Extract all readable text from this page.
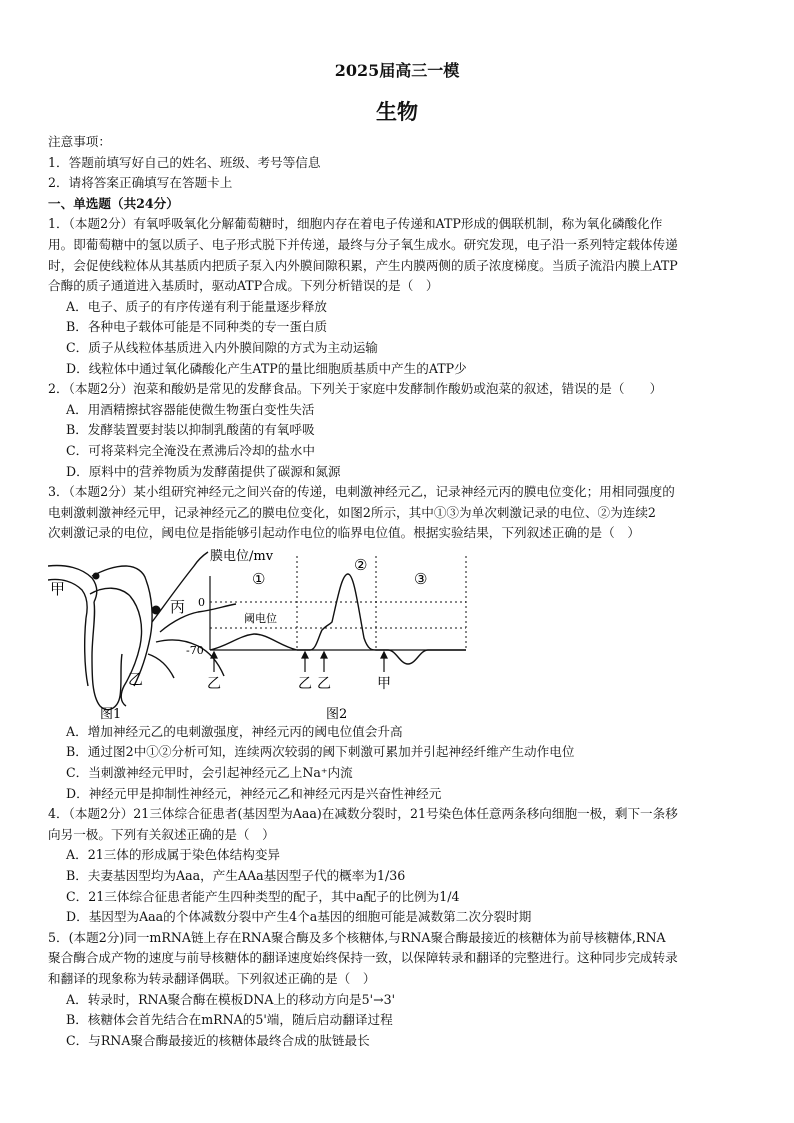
2025届高三一模
生物
注意事项：
1．答题前填写好自己的姓名、班级、考号等信息
2．请将答案正确填写在答题卡上
一、单选题（共24分）
1．（本题2分）有氧呼吸氧化分解葡萄糖时，细胞内存在着电子传递和ATP形成的偶联机制，称为氧化磷酸化作
用。即葡萄糖中的氢以质子、电子形式脱下并传递，最终与分子氧生成水。研究发现，电子沿一系列特定载体传递
时，会促使线粒体从其基质内把质子泵入内外膜间隙积累，产生内膜两侧的质子浓度梯度。当质子流沿内膜上ATP
合酶的质子通道进入基质时，驱动ATP合成。下列分析错误的是（　）
A．电子、质子的有序传递有利于能量逐步释放
B．各种电子载体可能是不同种类的专一蛋白质
C．质子从线粒体基质进入内外膜间隙的方式为主动运输
D．线粒体中通过氧化磷酸化产生ATP的量比细胞质基质中产生的ATP少
2．（本题2分）泡菜和酸奶是常见的发酵食品。下列关于家庭中发酵制作酸奶或泡菜的叙述，错误的是（　　）
A．用酒精擦拭容器能使微生物蛋白变性失活
B．发酵装置要封装以抑制乳酸菌的有氧呼吸
C．可将菜料完全淹没在煮沸后冷却的盐水中
D．原料中的营养物质为发酵菌提供了碳源和氮源
3．（本题2分）某小组研究神经元之间兴奋的传递，电刺激神经元乙，记录神经元丙的膜电位变化；用相同强度的
电刺激刺激神经元甲，记录神经元乙的膜电位变化，如图2所示，其中①③为单次刺激记录的电位、②为连续2
次刺激记录的电位，阈电位是指能够引起动作电位的临界电位值。根据实验结果，下列叙述正确的是（　）
甲
丙
乙
图1
膜电位/mv
0
-70
阈电位
①
②
③
乙	乙 乙	甲
图2
A．增加神经元乙的电刺激强度，神经元丙的阈电位值会升高
B．通过图2中①②分析可知，连续两次较弱的阈下刺激可累加并引起神经纤维产生动作电位
C．当刺激神经元甲时，会引起神经元乙上Na⁺内流
D．神经元甲是抑制性神经元，神经元乙和神经元丙是兴奋性神经元
4．（本题2分）21三体综合征患者(基因型为Aaa)在减数分裂时，21号染色体任意两条移向细胞一极，剩下一条移
向另一极。下列有关叙述正确的是（　）
A．21三体的形成属于染色体结构变异
B．夫妻基因型均为Aaa，产生AAa基因型子代的概率为1/36
C．21三体综合征患者能产生四种类型的配子，其中a配子的比例为1/4
D．基因型为Aaa的个体减数分裂中产生4个a基因的细胞可能是减数第二次分裂时期
5．(本题2分)同一mRNA链上存在RNA聚合酶及多个核糖体,与RNA聚合酶最接近的核糖体为前导核糖体,RNA
聚合酶合成产物的速度与前导核糖体的翻译速度始终保持一致，以保障转录和翻译的完整进行。这种同步完成转录
和翻译的现象称为转录翻译偶联。下列叙述正确的是（　）
A．转录时，RNA聚合酶在模板DNA上的移动方向是5'→3'
B．核糖体会首先结合在mRNA的5'端，随后启动翻译过程
C．与RNA聚合酶最接近的核糖体最终合成的肽链最长
